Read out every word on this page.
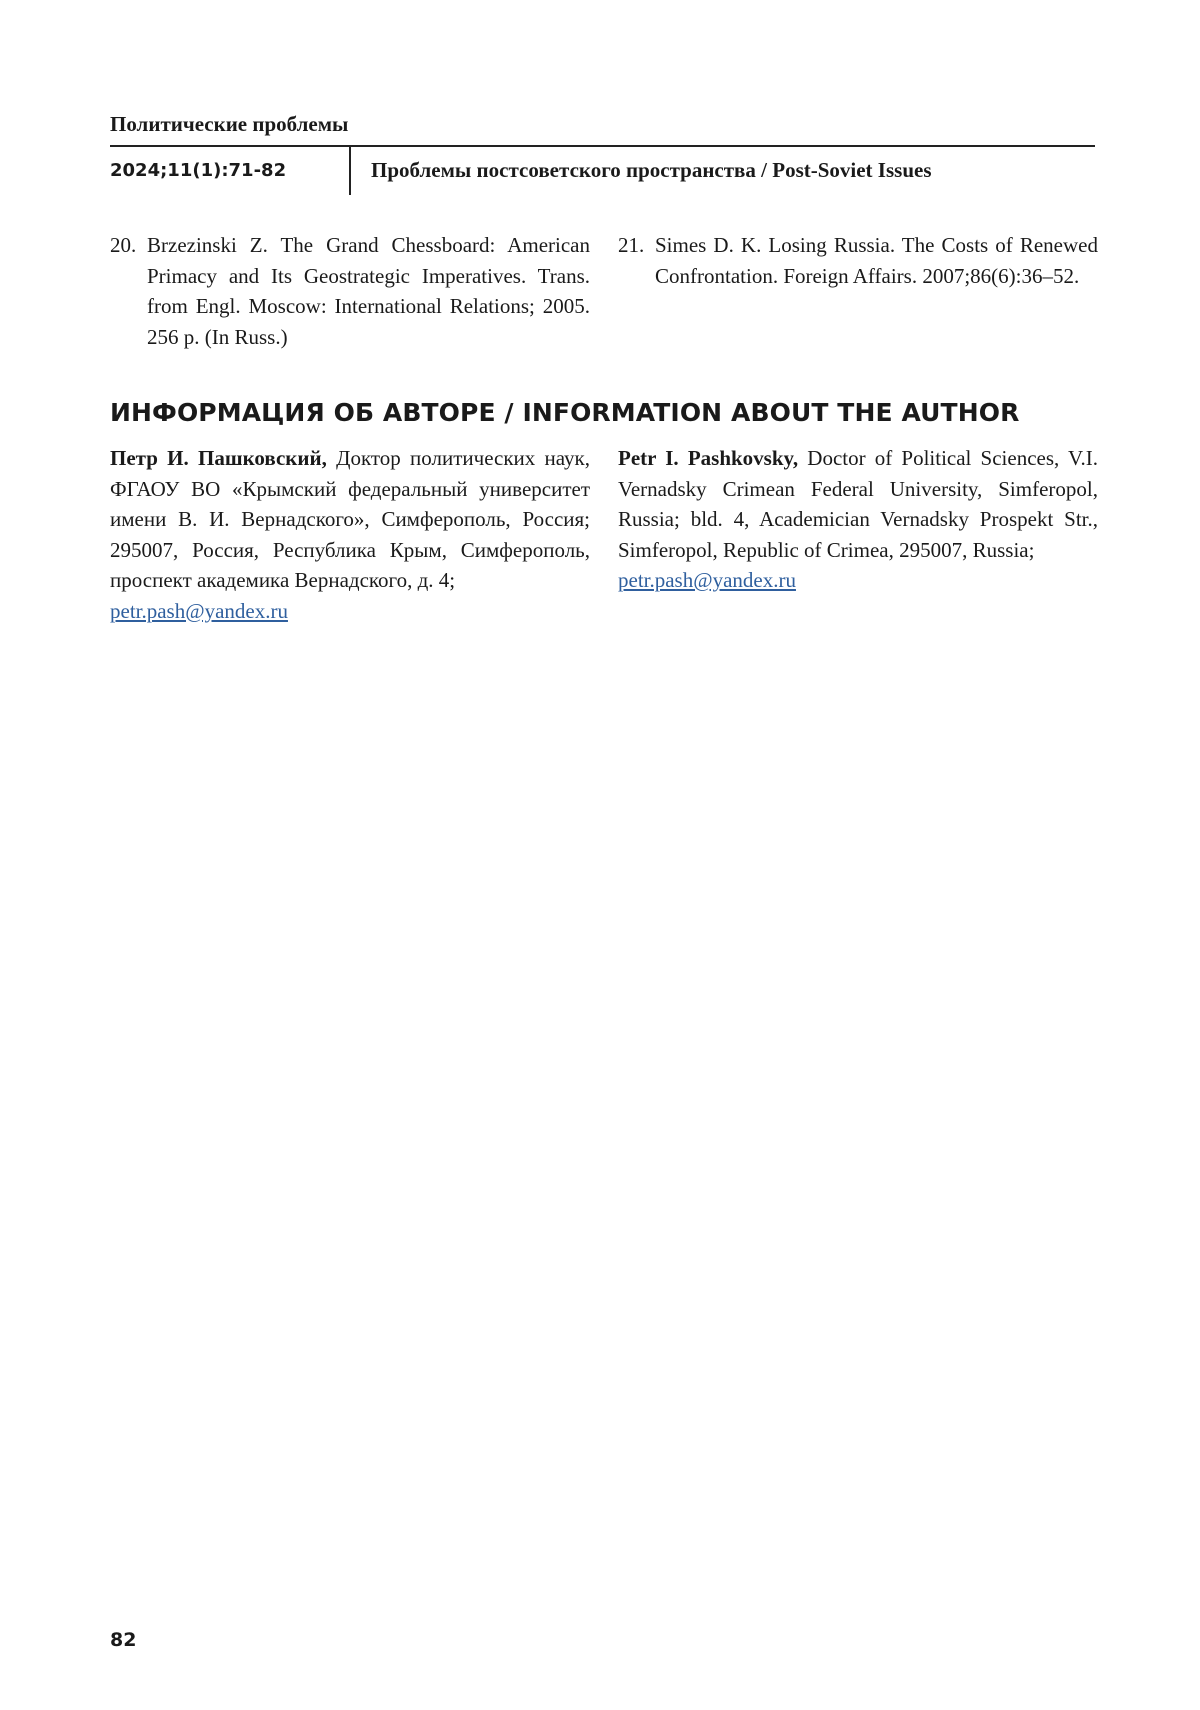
Политические проблемы
2024;11(1):71-82	Проблемы постсоветского пространства / Post-Soviet Issues
20. Brzezinski Z. The Grand Chessboard: American Primacy and Its Geostrategic Imperatives. Trans. from Engl. Moscow: International Relations; 2005. 256 p. (In Russ.)
21. Simes D. K. Losing Russia. The Costs of Renewed Confrontation. Foreign Affairs. 2007;86(6):36–52.
ИНФОРМАЦИЯ ОБ АВТОРЕ / INFORMATION ABOUT THE AUTHOR
Петр И. Пашковский, Доктор политических наук, ФГАОУ ВО «Крымский федеральный университет имени В. И. Вернадского», Симферополь, Россия; 295007, Россия, Республика Крым, Симферополь, проспект академика Вернадского, д. 4;
petr.pash@yandex.ru
Petr I. Pashkovsky, Doctor of Political Sciences, V.I. Vernadsky Crimean Federal University, Simferopol, Russia; bld. 4, Academician Vernadsky Prospekt Str., Simferopol, Republic of Crimea, 295007, Russia;
petr.pash@yandex.ru
82
